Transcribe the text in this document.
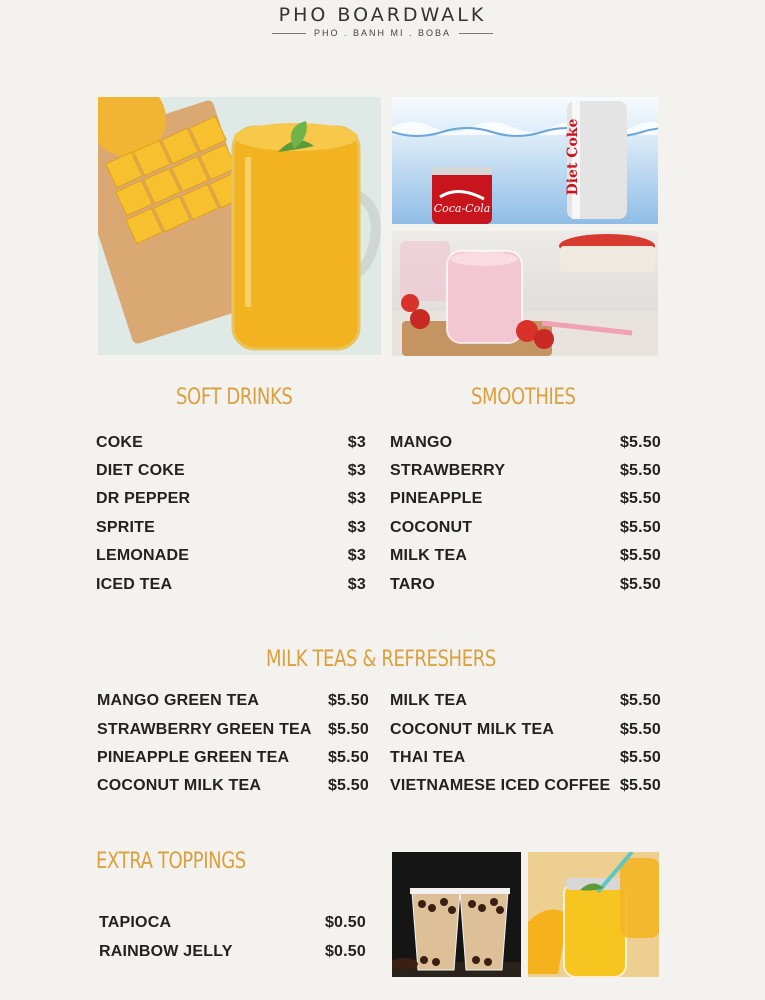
PHO BOARDWALK
PHO . BANH MI . BOBA
Coca-Cola
Diet Coke
SOFT DRINKS
COKE	$3
DIET COKE	$3
DR PEPPER	$3
SPRITE	$3
LEMONADE	$3
ICED TEA	$3
SMOOTHIES
MANGO	$5.50
STRAWBERRY	$5.50
PINEAPPLE	$5.50
COCONUT	$5.50
MILK TEA	$5.50
TARO	$5.50
MILK TEAS & REFRESHERS
MANGO GREEN TEA	$5.50
STRAWBERRY GREEN TEA $5.50
PINEAPPLE GREEN TEA $5.50
COCONUT MILK TEA	$5.50
MILK TEA	$5.50
COCONUT MILK TEA	$5.50
THAI TEA	$5.50
VIETNAMESE ICED COFFEE $5.50
EXTRA TOPPINGS
TAPIOCA	$0.50
RAINBOW JELLY	$0.50
